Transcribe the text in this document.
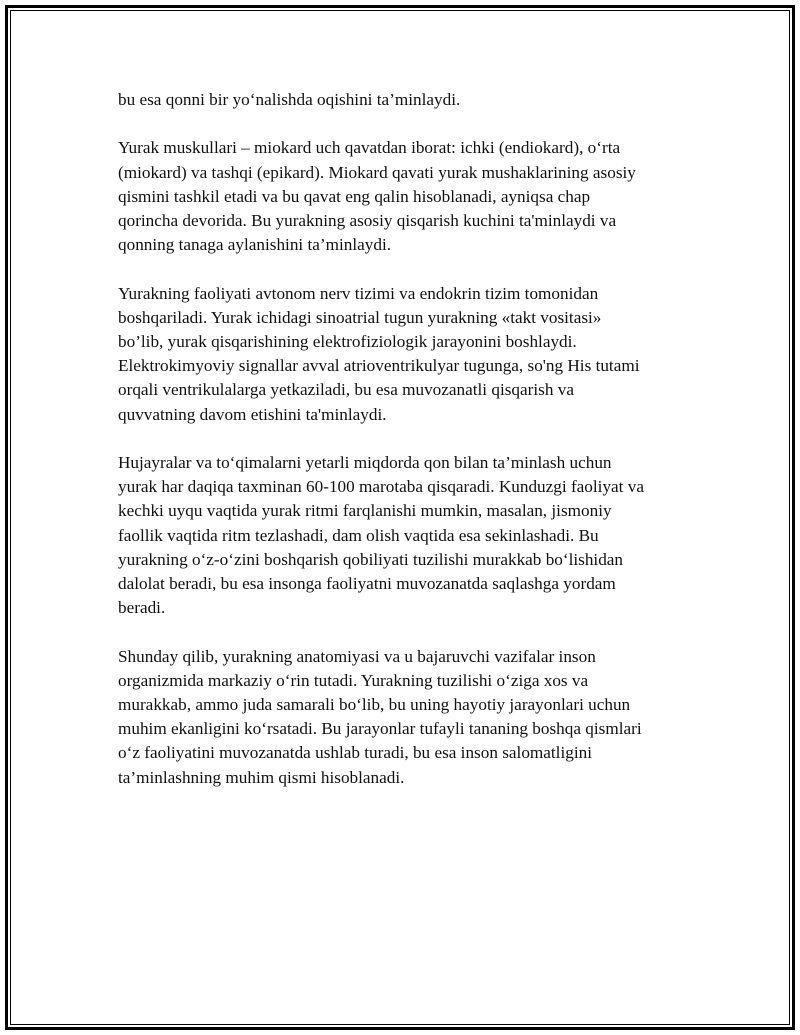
bu esa qonni bir yo‘nalishda oqishini ta’minlaydi.

Yurak muskullari – miokard uch qavatdan iborat: ichki (endiokard), o‘rta
(miokard) va tashqi (epikard). Miokard qavati yurak mushaklarining asosiy
qismini tashkil etadi va bu qavat eng qalin hisoblanadi, ayniqsa chap
qorincha devorida. Bu yurakning asosiy qisqarish kuchini ta'minlaydi va
qonning tanaga aylanishini ta’minlaydi.

Yurakning faoliyati avtonom nerv tizimi va endokrin tizim tomonidan
boshqariladi. Yurak ichidagi sinoatrial tugun yurakning «takt vositasi»
bo’lib, yurak qisqarishining elektrofiziologik jarayonini boshlaydi.
Elektrokimyoviy signallar avval atrioventrikulyar tugunga, so'ng His tutami
orqali ventrikulalarga yetkaziladi, bu esa muvozanatli qisqarish va
quvvatning davom etishini ta'minlaydi.

Hujayralar va to‘qimalarni yetarli miqdorda qon bilan ta’minlash uchun
yurak har daqiqa taxminan 60-100 marotaba qisqaradi. Kunduzgi faoliyat va
kechki uyqu vaqtida yurak ritmi farqlanishi mumkin, masalan, jismoniy
faollik vaqtida ritm tezlashadi, dam olish vaqtida esa sekinlashadi. Bu
yurakning o‘z-o‘zini boshqarish qobiliyati tuzilishi murakkab bo‘lishidan
dalolat beradi, bu esa insonga faoliyatni muvozanatda saqlashga yordam
beradi.

Shunday qilib, yurakning anatomiyasi va u bajaruvchi vazifalar inson
organizmida markaziy o‘rin tutadi. Yurakning tuzilishi o‘ziga xos va
murakkab, ammo juda samarali bo‘lib, bu uning hayotiy jarayonlari uchun
muhim ekanligini ko‘rsatadi. Bu jarayonlar tufayli tananing boshqa qismlari
o‘z faoliyatini muvozanatda ushlab turadi, bu esa inson salomatligini
ta’minlashning muhim qismi hisoblanadi.
